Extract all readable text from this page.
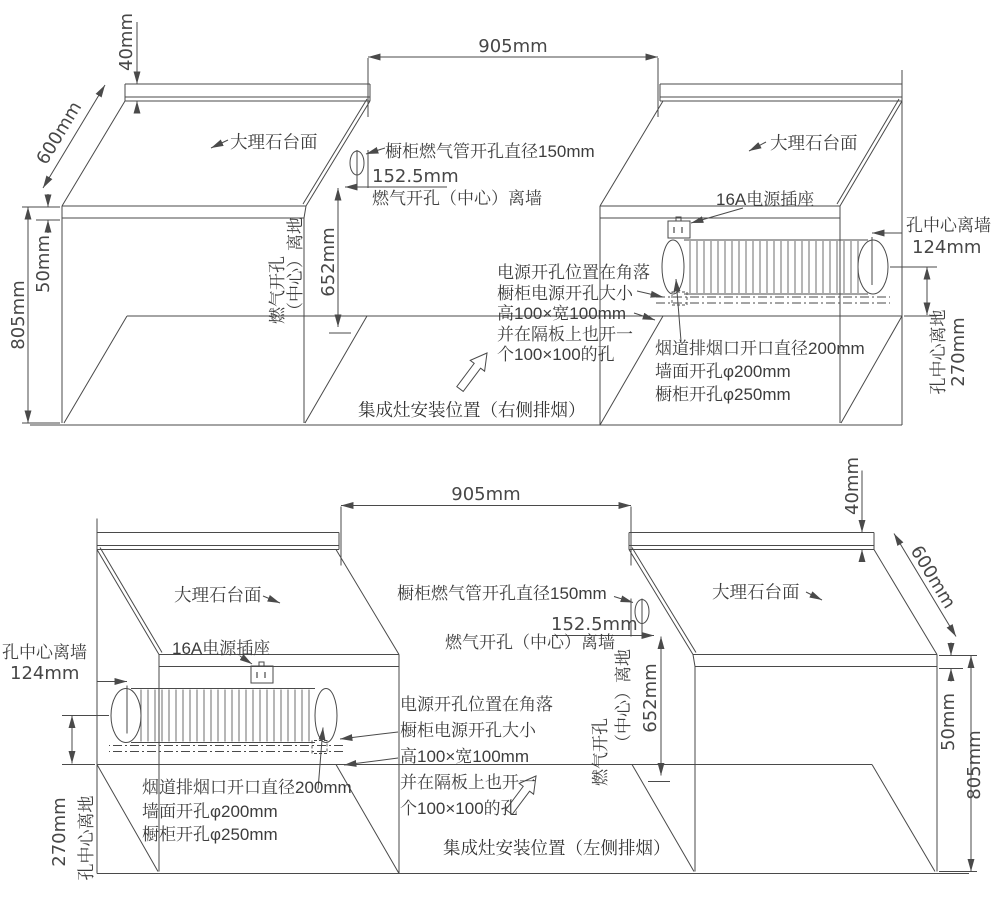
905mm
40mm
600mm
50mm
805mm
大理石台面	大理石台面
橱柜燃气管开孔直径150mm
152.5mm
燃气开孔（中心）离墙
燃气开孔 （中心）离地 652mm
16A电源插座
孔中心离墙
124mm
孔中心离地 270mm
电源开孔位置在角落
橱柜电源开孔大小
高100×宽100mm
并在隔板上也开一
个100×100的孔 烟道排烟口开口直径200mm
墙面开孔φ200mm
橱柜开孔φ250mm
集成灶安装位置（右侧排烟）
905mm	40mm
600mm
50mm
805mm
大理石台面	大理石台面
橱柜燃气管开孔直径150mm
152.5mm
燃气开孔（中心）离墙
燃气开孔
（中心）离地 652mm
16A电源插座
孔中心离墙
124mm
270mm 孔中心离地
电源开孔位置在角落
橱柜电源开孔大小
高100×宽100mm
并在隔板上也开一
个100×100的孔
烟道排烟口开口直径200mm
墙面开孔φ200mm
橱柜开孔φ250mm
集成灶安装位置（左侧排烟）
